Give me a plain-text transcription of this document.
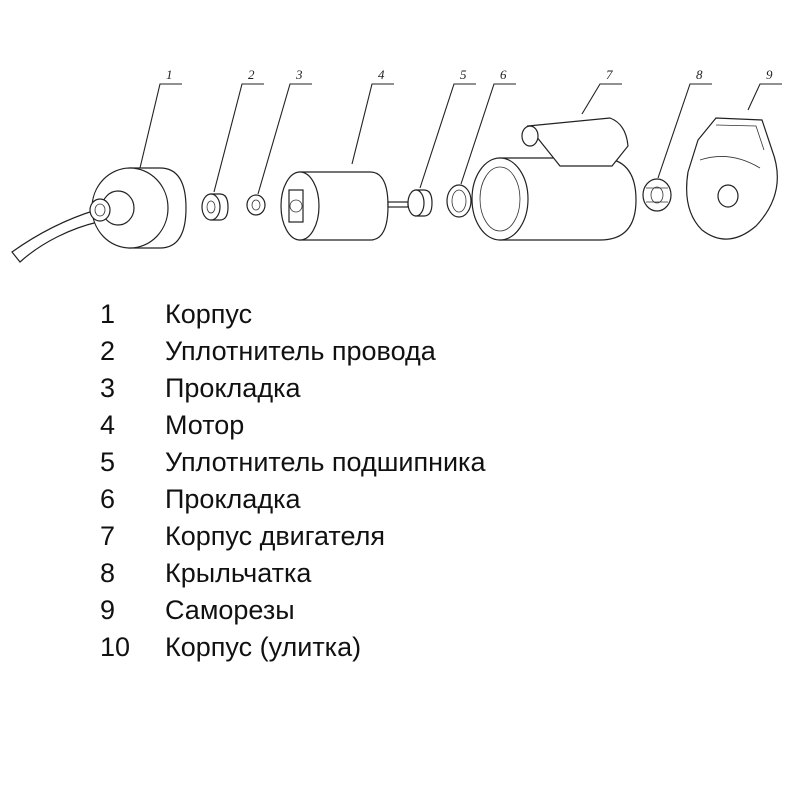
1	2	3	4	5	6	7	8	9
1	Корпус
2	Уплотнитель провода
3	Прокладка
4	Мотор
5	Уплотнитель подшипника
6	Прокладка
7	Корпус двигателя
8	Крыльчатка
9	Саморезы
10	Корпус (улитка)
